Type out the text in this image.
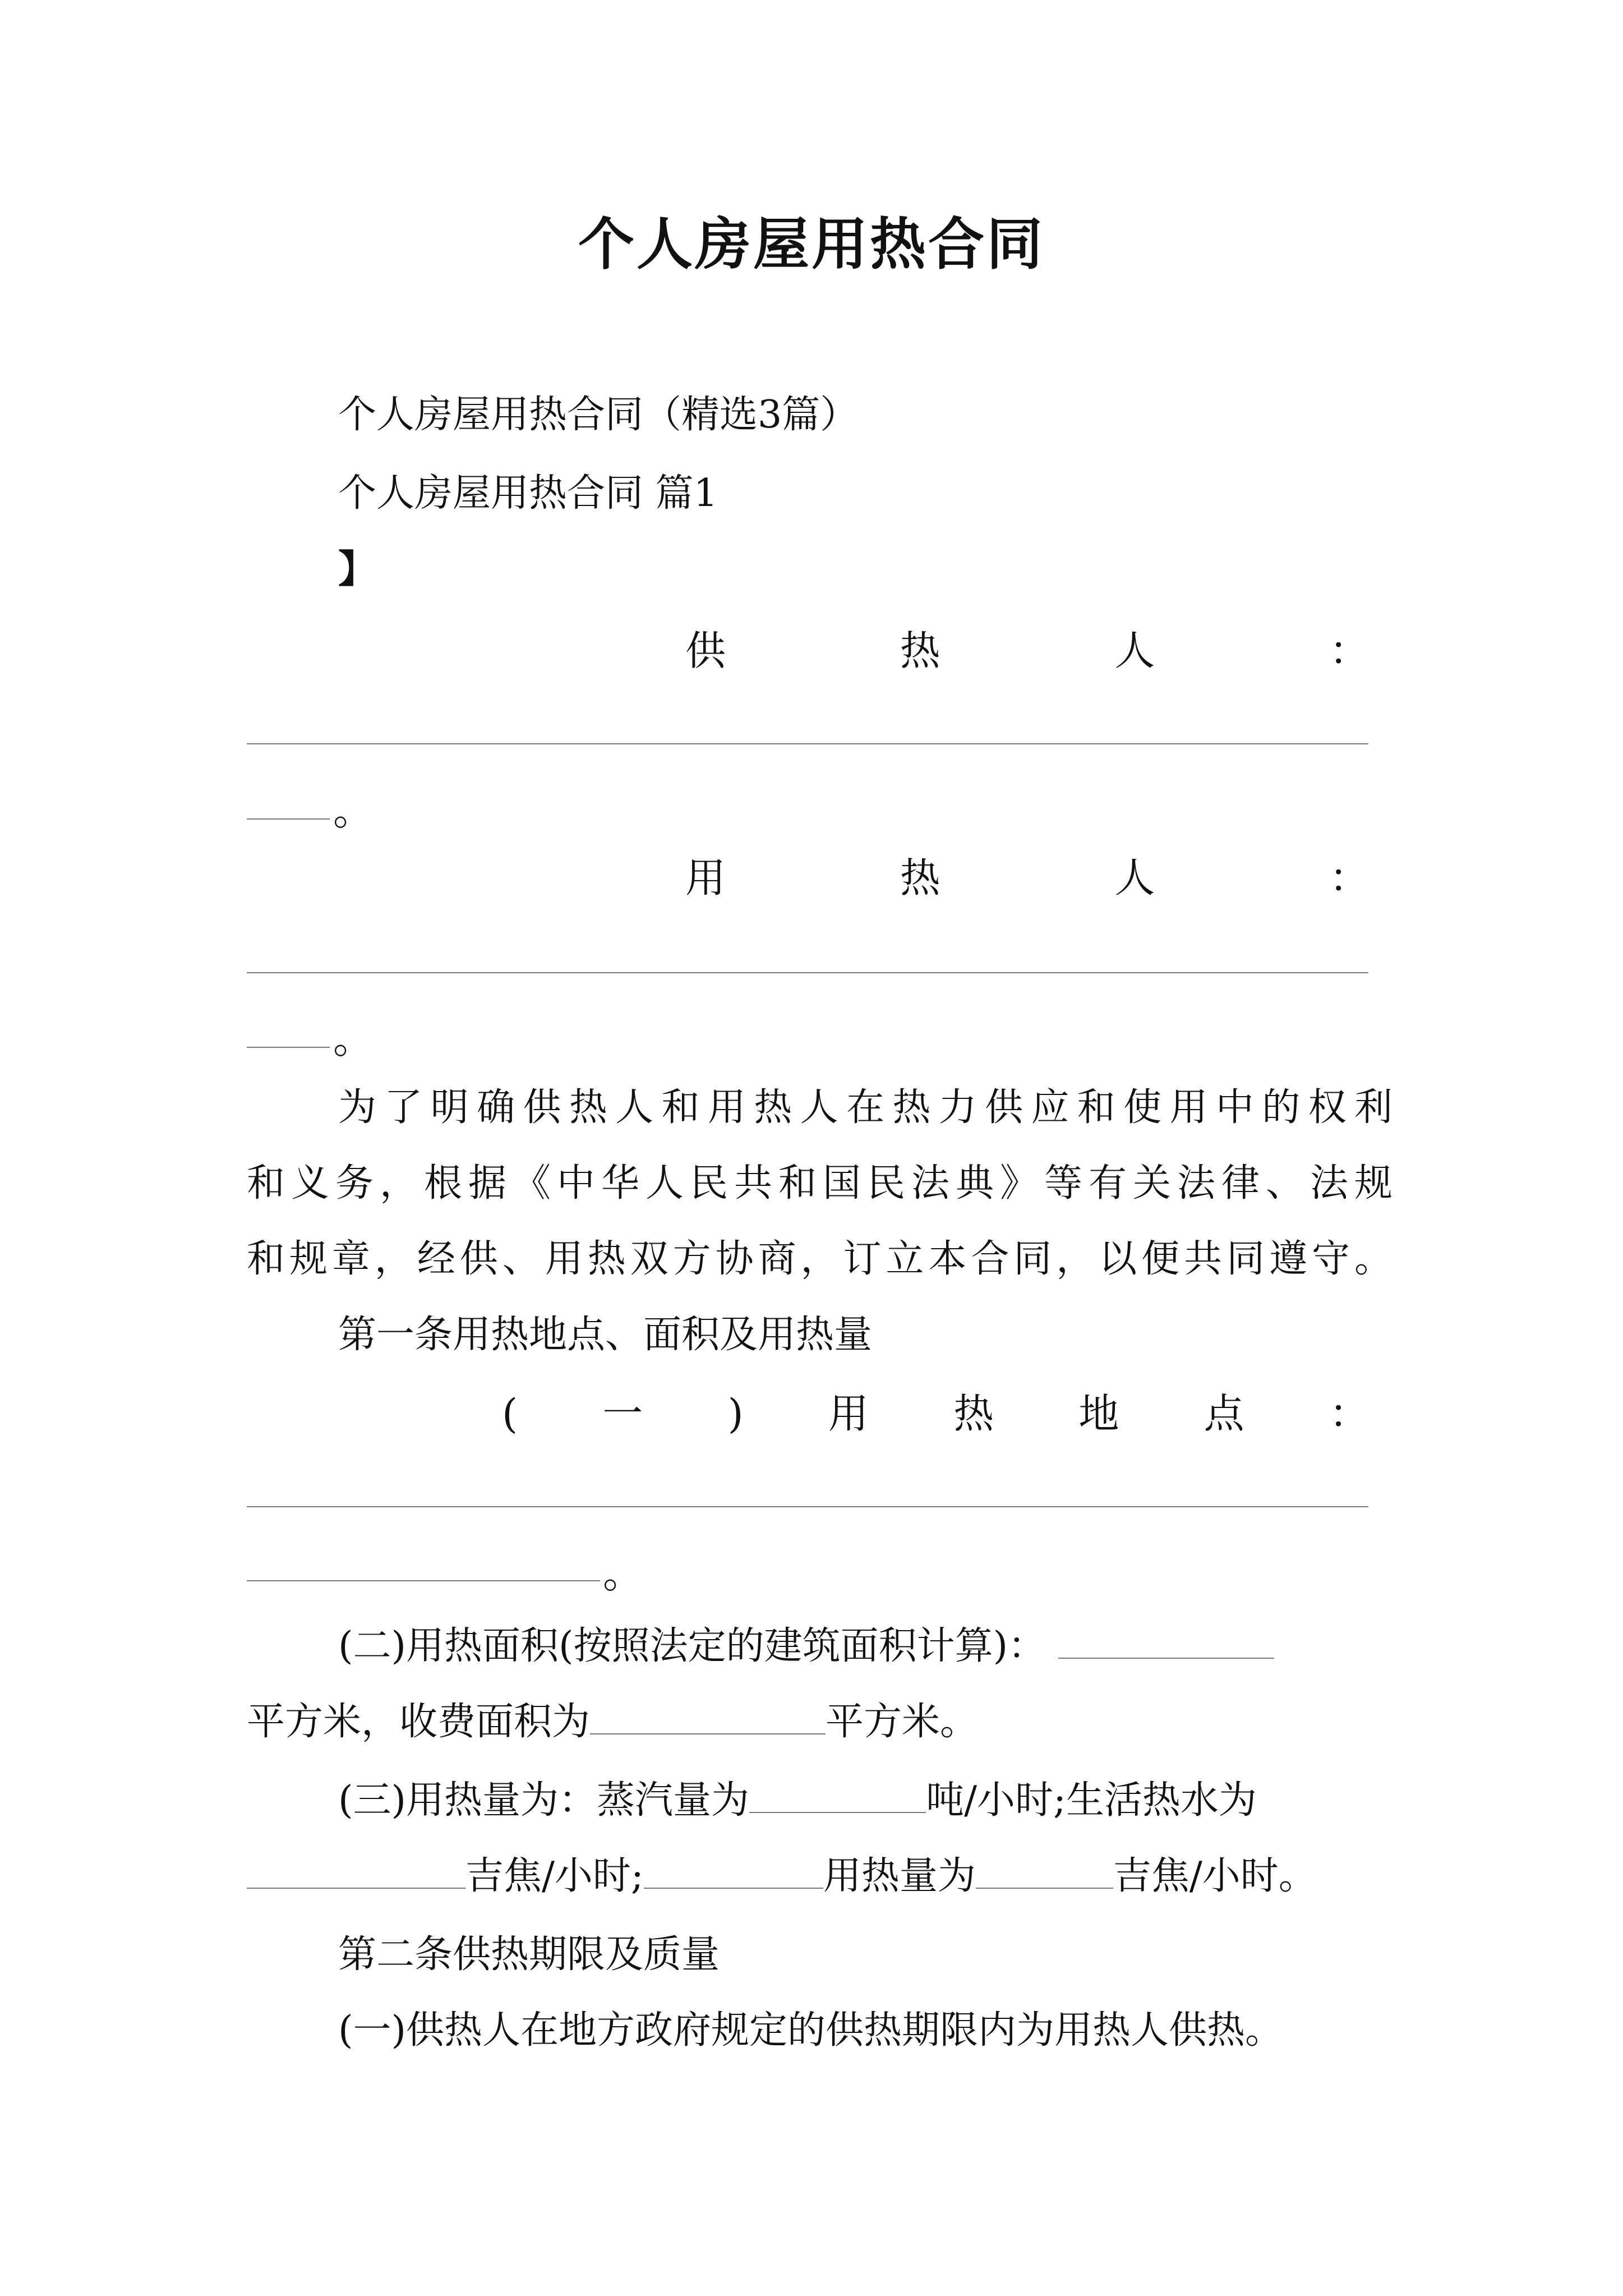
个人房屋用热合同
个人房屋用热合同（精选3篇）
个人房屋用热合同 篇1
】
供	热	人	：
。
用	热	人	：
。
为了明确供热人和用热人在热力供应和使用中的权利
和义务，根据《中华人民共和国民法典》等有关法律、法规
和规章，经供、用热双方协商，订立本合同，以便共同遵守。
第一条用热地点、面积及用热量
( 一 ) 用 热 地 点 ：
。
(二)用热面积(按照法定的建筑面积计算)：
平方米，收费面积为	平方米。
(三)用热量为：蒸汽量为	吨/小时;生活热水为
吉焦/小时;	用热量为	吉焦/小时。
第二条供热期限及质量
(一)供热人在地方政府规定的供热期限内为用热人供热。
